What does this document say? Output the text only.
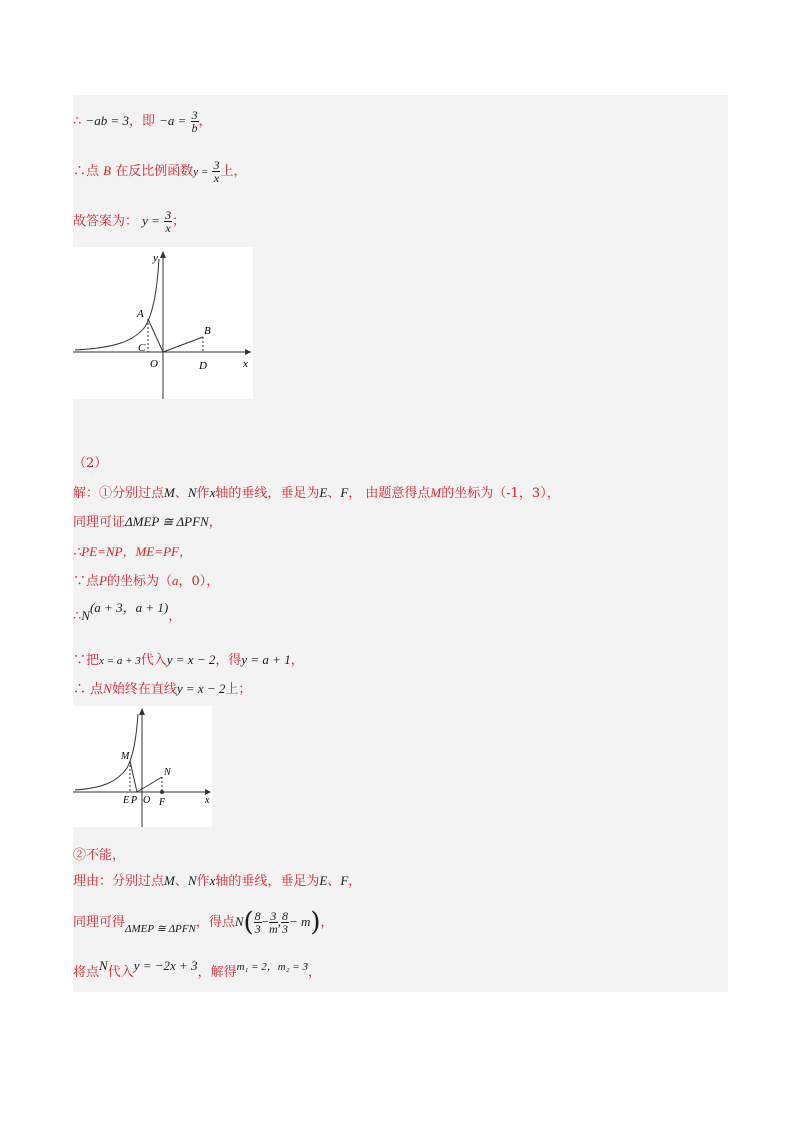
∴ −ab = 3，即 $-a = \frac{3}{b}$ ，
∴点 B 在反比例函数$y = \frac{3}{x}$ 上，
故答案为： $y = \frac{3}{x}$ ；
y
x
A
B
C
O	D
（2）
解：①分别过点M、N作x轴的垂线，垂足为E、F， 由题意得点M的坐标为（-1，3），
同理可证ΔMEP ≅ ΔPFN，
∴PE=NP，ME=PF，
∵点P的坐标为（a，0），
∴N(a + 3，a + 1)，
∵把x = a + 3代入y = x − 2，得y = a + 1，
∴ 点N始终在直线y = x − 2上；
M
N
E P O F	x
②不能，
理由：分别过点M、N作x轴的垂线，垂足为E、F，
同理可得$_{\Delta MEP ≅ \Delta PFN}$，得点$N( \frac{8}{3} - \frac{3}{m}$ , $\frac{8}{3} - m$)，
将点N代入y = −2x + 3，解得$^{m_1 = 2,m_2 = 3}$，
